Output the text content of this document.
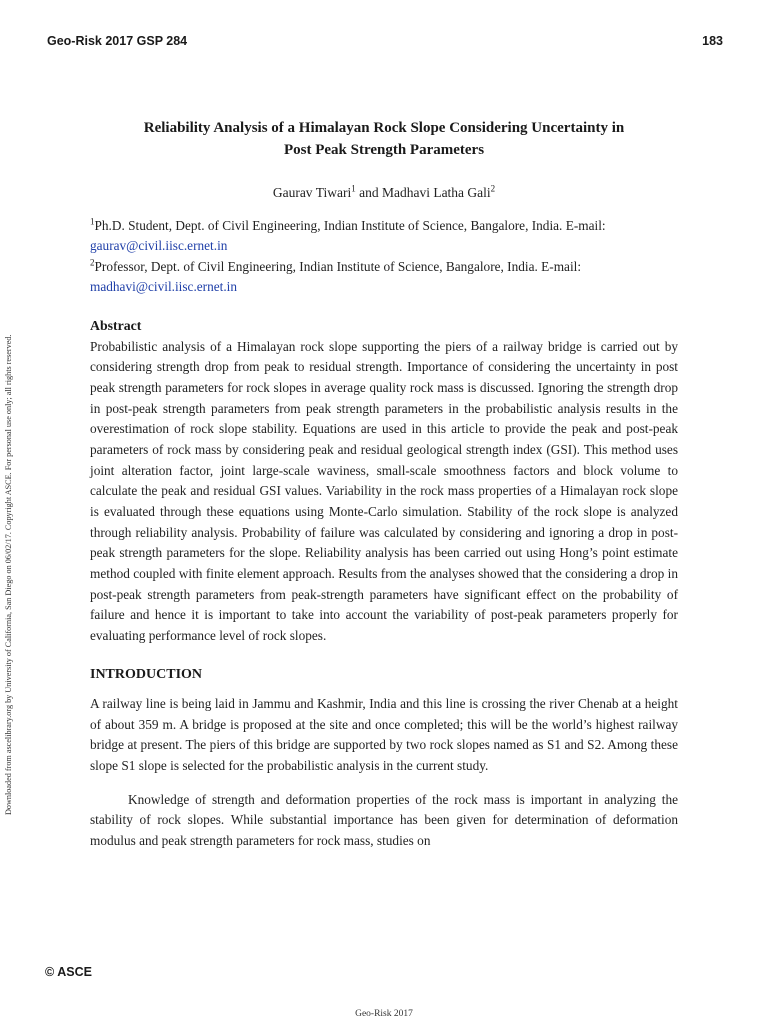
Geo-Risk 2017 GSP 284	183
Downloaded from ascelibrary.org by University of California, San Diego on 06/02/17. Copyright ASCE. For personal use only; all rights reserved.
Reliability Analysis of a Himalayan Rock Slope Considering Uncertainty in
Post Peak Strength Parameters
Gaurav Tiwari$^1$ and Madhavi Latha Gali$^2$
$^1$Ph.D. Student, Dept. of Civil Engineering, Indian Institute of Science, Bangalore, India. E-mail:
gaurav@civil.iisc.ernet.in
$^2$Professor, Dept. of Civil Engineering, Indian Institute of Science, Bangalore, India. E-mail:
madhavi@civil.iisc.ernet.in
Abstract

Probabilistic analysis of a Himalayan rock slope supporting the piers of a railway bridge is carried out by considering strength drop from peak to residual strength. Importance of considering the uncertainty in post peak strength parameters for rock slopes in average quality rock mass is discussed. Ignoring the strength drop in post-peak strength parameters from peak strength parameters in the probabilistic analysis results in the overestimation of rock slope stability. Equations are used in this article to provide the peak and post-peak parameters of rock mass by considering peak and residual geological strength index (GSI). This method uses joint alteration factor, joint large-scale waviness, small-scale smoothness factors and block volume to calculate the peak and residual GSI values. Variability in the rock mass properties of a Himalayan rock slope is evaluated through these equations using Monte-Carlo simulation. Stability of the rock slope is analyzed through reliability analysis. Probability of failure was calculated by considering and ignoring a drop in post-peak strength parameters for the slope. Reliability analysis has been carried out using Hong’s point estimate method coupled with finite element approach. Results from the analyses showed that the considering a drop in post-peak strength parameters from peak-strength parameters have significant effect on the probability of failure and hence it is important to take into account the variability of post-peak parameters properly for evaluating performance level of rock slopes.

INTRODUCTION

A railway line is being laid in Jammu and Kashmir, India and this line is crossing the river Chenab at a height of about 359 m. A bridge is proposed at the site and once completed; this will be the world’s highest railway bridge at present. The piers of this bridge are supported by two rock slopes named as S1 and S2. Among these slope S1 slope is selected for the probabilistic analysis in the current study.

Knowledge of strength and deformation properties of the rock mass is important in analyzing the stability of rock slopes. While substantial importance has been given for determination of deformation modulus and peak strength parameters for rock mass, studies on

© ASCE
Geo-Risk 2017
